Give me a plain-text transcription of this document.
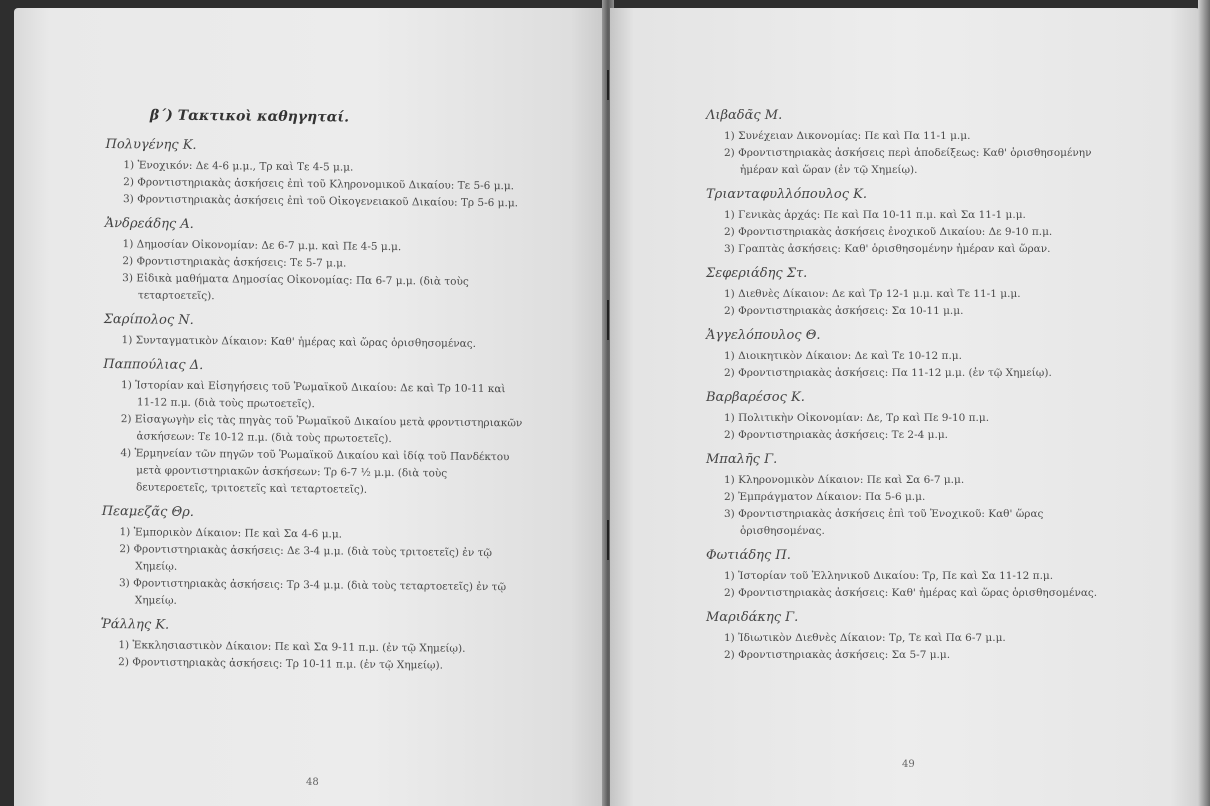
β΄) Τακτικοὶ καθηγηταί.
Πολυγένης Κ.
1) Ἐνοχικόν: Δε 4-6 μ.μ., Τρ καὶ Τε 4-5 μ.μ.
2) Φροντιστηριακὰς ἀσκήσεις ἐπὶ τοῦ Κληρονομικοῦ Δικαίου: Τε 5-6 μ.μ.
3) Φροντιστηριακὰς ἀσκήσεις ἐπὶ τοῦ Οἰκογενειακοῦ Δικαίου: Τρ 5-6 μ.μ.
Ἀνδρεάδης Α.
1) Δημοσίαν Οἰκονομίαν: Δε 6-7 μ.μ. καὶ Πε 4-5 μ.μ.
2) Φροντιστηριακὰς ἀσκήσεις: Τε 5-7 μ.μ.
3) Εἰδικὰ μαθήματα Δημοσίας Οἰκονομίας: Πα 6-7 μ.μ. (διὰ τοὺς τεταρτοετεῖς).
Σαρίπολος Ν.
1) Συνταγματικὸν Δίκαιον: Καθ' ἡμέρας καὶ ὥρας ὁρισθησομένας.
Παππούλιας Δ.
1) Ἱστορίαν καὶ Εἰσηγήσεις τοῦ Ῥωμαϊκοῦ Δικαίου: Δε καὶ Τρ 10-11 καὶ 11-12 π.μ. (διὰ τοὺς πρωτοετεῖς).
2) Εἰσαγωγὴν εἰς τὰς πηγὰς τοῦ Ῥωμαϊκοῦ Δικαίου μετὰ φροντιστηριακῶν ἀσκήσεων: Τε 10-12 π.μ. (διὰ τοὺς πρωτοετεῖς).
4) Ἑρμηνείαν τῶν πηγῶν τοῦ Ῥωμαϊκοῦ Δικαίου καὶ ἰδίᾳ τοῦ Πανδέκτου μετὰ φροντιστηριακῶν ἀσκήσεων: Τρ 6-7 ½ μ.μ. (διὰ τοὺς δευτεροετεῖς, τριτοετεῖς καὶ τεταρτοετεῖς).
Πεαμεζᾶς Θρ.
1) Ἐμπορικὸν Δίκαιον: Πε καὶ Σα 4-6 μ.μ.
2) Φροντιστηριακὰς ἀσκήσεις: Δε 3-4 μ.μ. (διὰ τοὺς τριτοετεῖς) ἐν τῷ Χημείῳ.
3) Φροντιστηριακὰς ἀσκήσεις: Τρ 3-4 μ.μ. (διὰ τοὺς τεταρτοετεῖς) ἐν τῷ Χημείῳ.
Ῥάλλης Κ.
1) Ἐκκλησιαστικὸν Δίκαιον: Πε καὶ Σα 9-11 π.μ. (ἐν τῷ Χημείῳ).
2) Φροντιστηριακὰς ἀσκήσεις: Τρ 10-11 π.μ. (ἐν τῷ Χημείῳ).
48
Λιβαδᾶς Μ.
1) Συνέχειαν Δικονομίας: Πε καὶ Πα 11-1 μ.μ.
2) Φροντιστηριακὰς ἀσκήσεις περὶ ἀποδείξεως: Καθ' ὁρισθησομένην ἡμέραν καὶ ὥραν (ἐν τῷ Χημείῳ).
Τριανταφυλλόπουλος Κ.
1) Γενικὰς ἀρχάς: Πε καὶ Πα 10-11 π.μ. καὶ Σα 11-1 μ.μ.
2) Φροντιστηριακὰς ἀσκήσεις ἐνοχικοῦ Δικαίου: Δε 9-10 π.μ.
3) Γραπτὰς ἀσκήσεις: Καθ' ὁρισθησομένην ἡμέραν καὶ ὥραν.
Σεφεριάδης Στ.
1) Διεθνὲς Δίκαιον: Δε καὶ Τρ 12-1 μ.μ. καὶ Τε 11-1 μ.μ.
2) Φροντιστηριακὰς ἀσκήσεις: Σα 10-11 μ.μ.
Ἀγγελόπουλος Θ.
1) Διοικητικὸν Δίκαιον: Δε καὶ Τε 10-12 π.μ.
2) Φροντιστηριακὰς ἀσκήσεις: Πα 11-12 μ.μ. (ἐν τῷ Χημείῳ).
Βαρβαρέσος Κ.
1) Πολιτικὴν Οἰκονομίαν: Δε, Τρ καὶ Πε 9-10 π.μ.
2) Φροντιστηριακὰς ἀσκήσεις: Τε 2-4 μ.μ.
Μπαλῆς Γ.
1) Κληρονομικὸν Δίκαιον: Πε καὶ Σα 6-7 μ.μ.
2) Ἐμπράγματον Δίκαιον: Πα 5-6 μ.μ.
3) Φροντιστηριακὰς ἀσκήσεις ἐπὶ τοῦ Ἐνοχικοῦ: Καθ' ὥρας ὁρισθησομένας.
Φωτιάδης Π.
1) Ἱστορίαν τοῦ Ἑλληνικοῦ Δικαίου: Τρ, Πε καὶ Σα 11-12 π.μ.
2) Φροντιστηριακὰς ἀσκήσεις: Καθ' ἡμέρας καὶ ὥρας ὁρισθησομένας.
Μαριδάκης Γ.
1) Ἰδιωτικὸν Διεθνὲς Δίκαιον: Τρ, Τε καὶ Πα 6-7 μ.μ.
2) Φροντιστηριακὰς ἀσκήσεις: Σα 5-7 μ.μ.
49
